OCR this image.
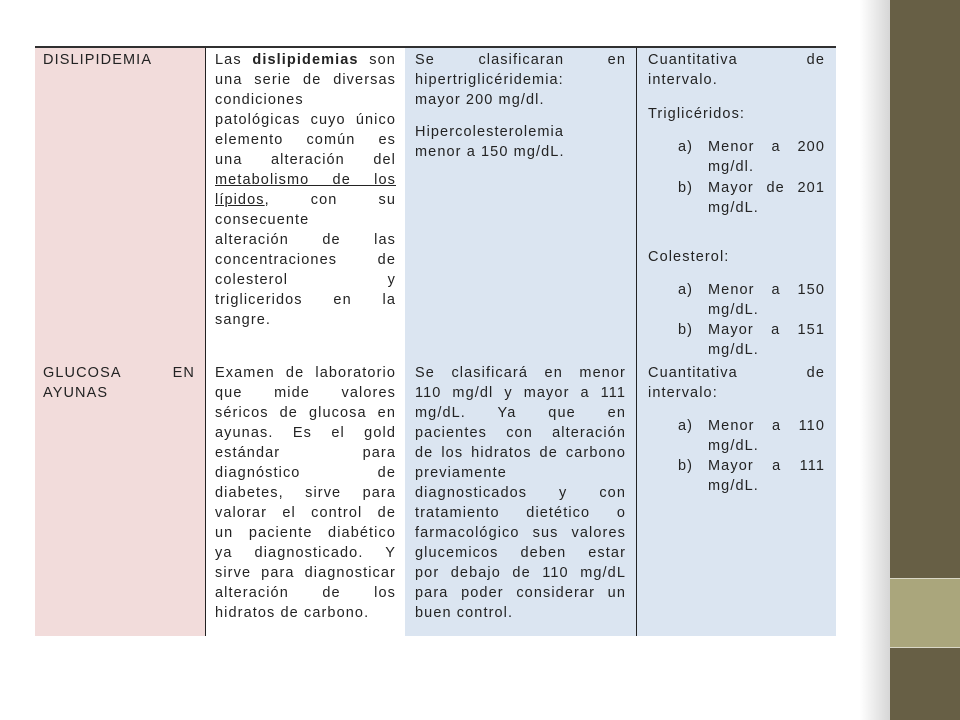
DISLIPIDEMIA	Las dislipidemias son
una serie de diversas
condiciones
patológicas cuyo único
elemento común es
una alteración del
metabolismo de los
lípidos, con su
consecuente
alteración de las
concentraciones de
colesterol y
trigliceridos en la
sangre.
Se clasificaran en
hipertriglicéridemia:
mayor 200 mg/dl.
Hipercolesterolemia
menor a 150 mg/dL.
Cuantitativa de
intervalo.
Triglicéridos:
a) Menor a 200 mg/dl.
b) Mayor de 201 mg/dL.
Colesterol:
a) Menor a 150 mg/dL.
b) Mayor a 151 mg/dL.
GLUCOSA EN
AYUNAS
Examen de laboratorio
que mide valores
séricos de glucosa en
ayunas. Es el gold
estándar para
diagnóstico de
diabetes, sirve para
valorar el control de
un paciente diabético
ya diagnosticado. Y
sirve para diagnosticar
alteración de los
hidratos de carbono.
Se clasificará en menor
110 mg/dl y mayor a 111
mg/dL. Ya que en
pacientes con alteración
de los hidratos de carbono
previamente
diagnosticados y con
tratamiento dietético o
farmacológico sus valores
glucemicos deben estar
por debajo de 110 mg/dL
para poder considerar un
buen control.
Cuantitativa de
intervalo:
a) Menor a 110 mg/dL.
b) Mayor a 111 mg/dL.
